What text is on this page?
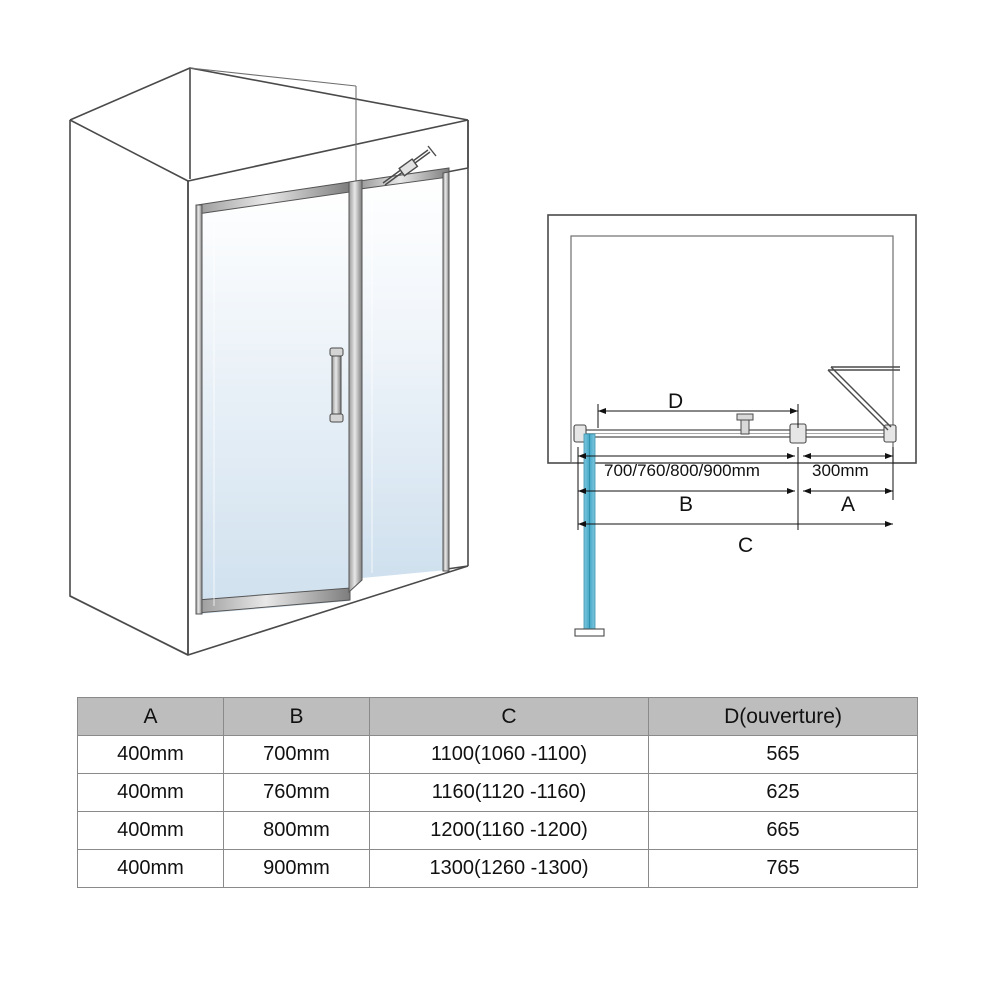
D
700/760/800/900mm	300mm
B	A
C
A	B	C	D(ouverture)
400mm	700mm	1100(1060 -1100)	565
400mm	760mm	1160(1120 -1160)	625
400mm	800mm	1200(1160 -1200)	665
400mm	900mm	1300(1260 -1300)	765
